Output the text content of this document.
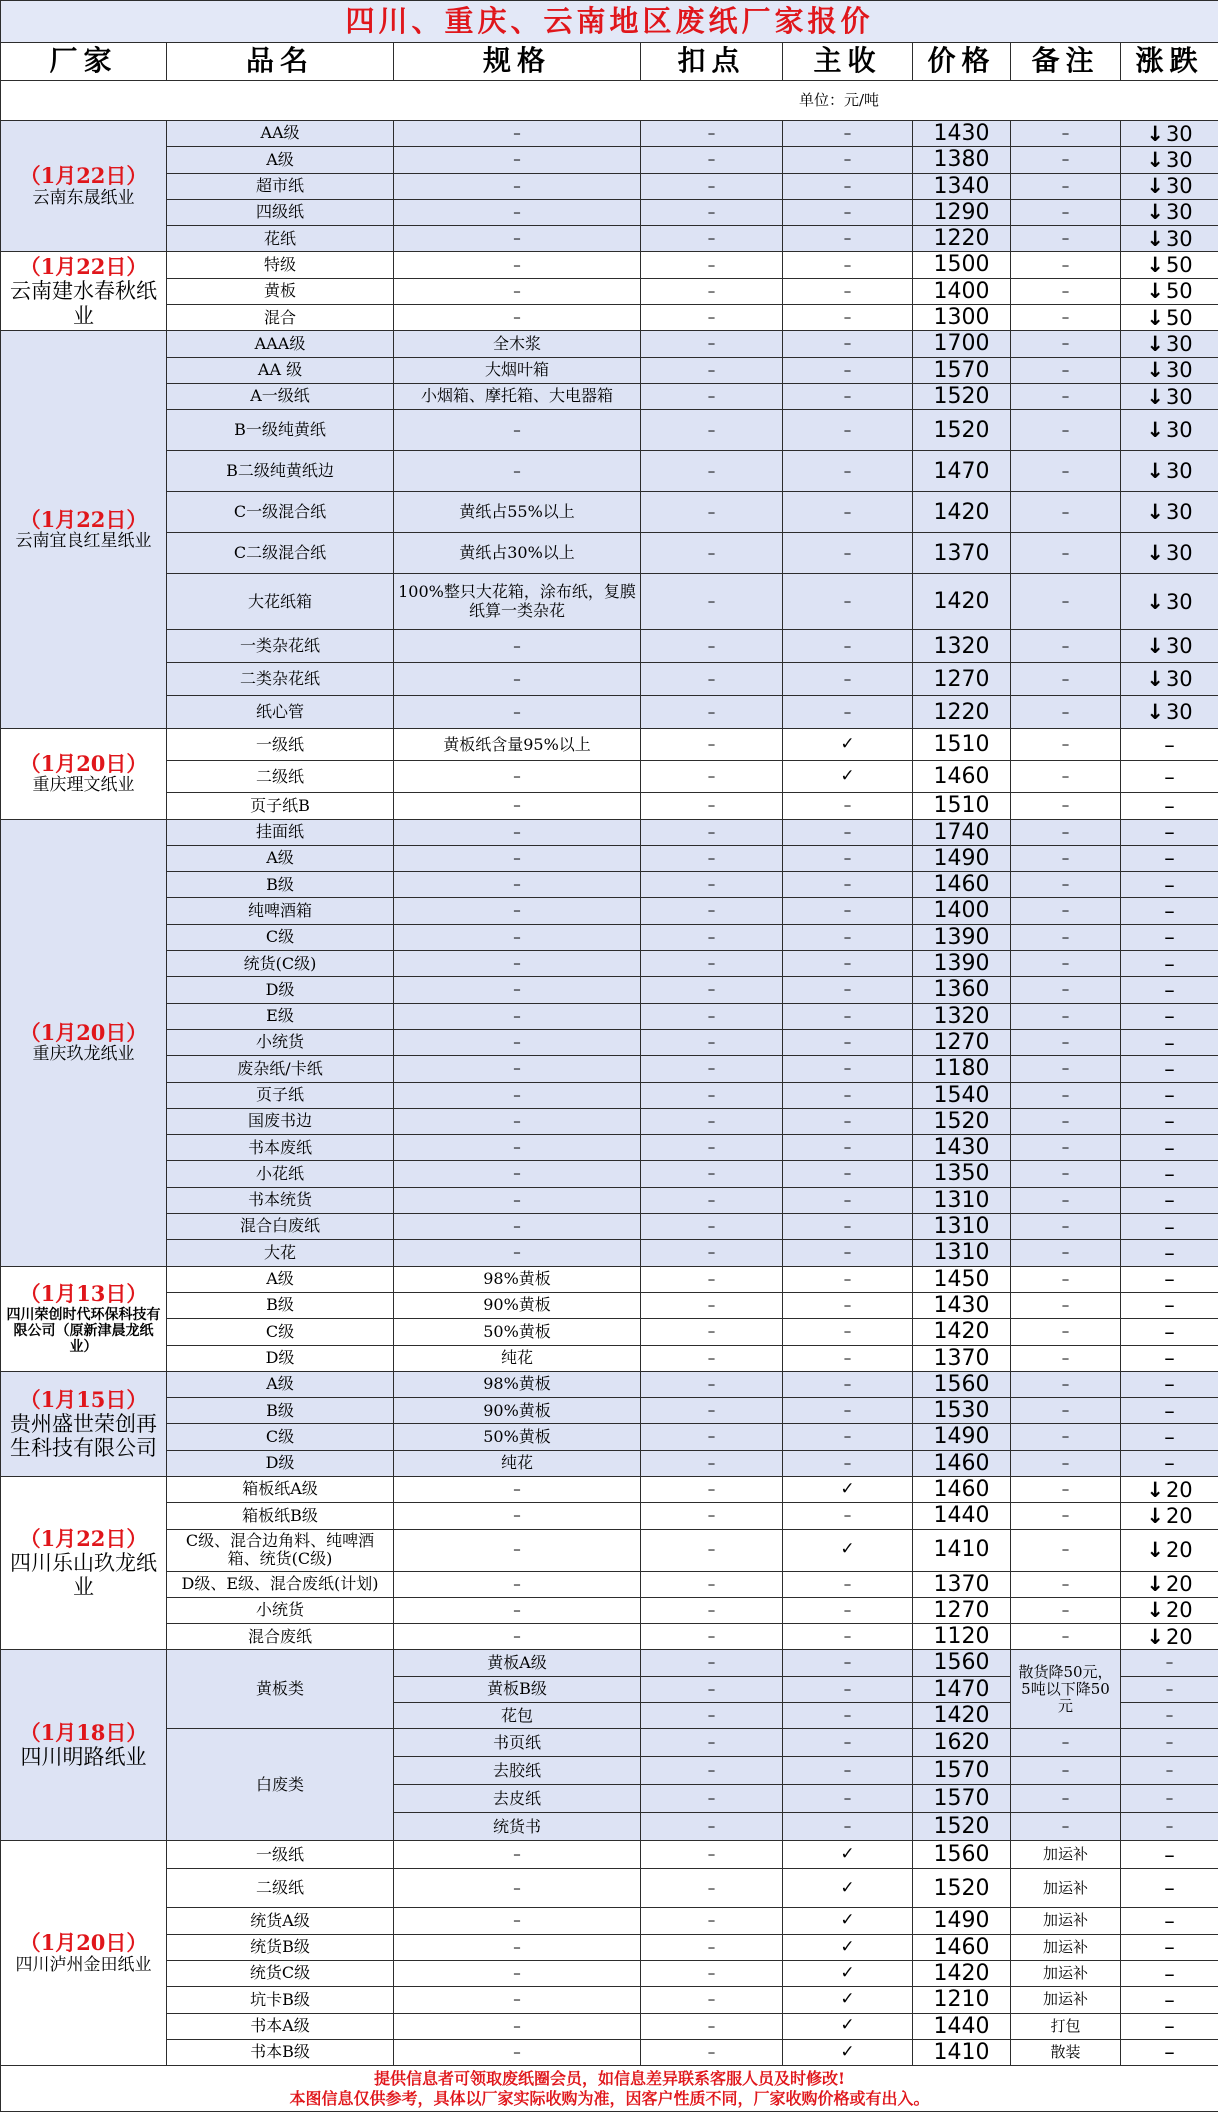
四川、重庆、云南地区废纸厂家报价							
厂家	品名	规格	扣点	主收	价格	备注	涨跌
单位：元/吨							

（1月22日）
云南东晟纸业	AA级	–	–	–	1430	–	↓30
	A级	–	–	–	1380	–	↓30
	超市纸	–	–	–	1340	–	↓30
	四级纸	–	–	–	1290	–	↓30
	花纸	–	–	–	1220	–	↓30

（1月22日）
云南建水春秋纸业	特级	–	–	–	1500	–	↓50
	黄板	–	–	–	1400	–	↓50
	混合	–	–	–	1300	–	↓50

（1月22日）
云南宜良红星纸业	AAA级	全木浆	–	–	1700	–	↓30
	AA 级	大烟叶箱	–	–	1570	–	↓30
	A一级纸	小烟箱、摩托箱、大电器箱	–	–	1520	–	↓30
	B一级纯黄纸	–	–	–	1520	–	↓30
	B二级纯黄纸边	–	–	–	1470	–	↓30
	C一级混合纸	黄纸占55%以上	–	–	1420	–	↓30
	C二级混合纸	黄纸占30%以上	–	–	1370	–	↓30
	大花纸箱	100%整只大花箱，涂布纸，复膜纸算一类杂花	–	–	1420	–	↓30
	一类杂花纸	–	–	–	1320	–	↓30
	二类杂花纸	–	–	–	1270	–	↓30
	纸心管	–	–	–	1220	–	↓30

（1月20日）
重庆理文纸业	一级纸	黄板纸含量95%以上	–	✓	1510	–	–
	二级纸	–	–	✓	1460	–	–
	页子纸B	–	–	–	1510	–	–

（1月20日）
重庆玖龙纸业	挂面纸	–	–	–	1740	–	–
	A级	–	–	–	1490	–	–
	B级	–	–	–	1460	–	–
	纯啤酒箱	–	–	–	1400	–	–
	C级	–	–	–	1390	–	–
	统货(C级)	–	–	–	1390	–	–
	D级	–	–	–	1360	–	–
	E级	–	–	–	1320	–	–
	小统货	–	–	–	1270	–	–
	废杂纸/卡纸	–	–	–	1180	–	–
	页子纸	–	–	–	1540	–	–
	国废书边	–	–	–	1520	–	–
	书本废纸	–	–	–	1430	–	–
	小花纸	–	–	–	1350	–	–
	书本统货	–	–	–	1310	–	–
	混合白废纸	–	–	–	1310	–	–
	大花	–	–	–	1310	–	–

（1月13日）
四川荣创时代环保科技有限公司（原新津晨龙纸业）	A级	98%黄板	–	–	1450	–	–
	B级	90%黄板	–	–	1430	–	–
	C级	50%黄板	–	–	1420	–	–
	D级	纯花	–	–	1370	–	–

（1月15日）
贵州盛世荣创再生科技有限公司	A级	98%黄板	–	–	1560	–	–
	B级	90%黄板	–	–	1530	–	–
	C级	50%黄板	–	–	1490	–	–
	D级	纯花	–	–	1460	–	–

（1月22日）
四川乐山玖龙纸业	箱板纸A级	–	–	✓	1460	–	↓20
	箱板纸B级	–	–	–	1440	–	↓20
	C级、混合边角料、纯啤酒箱、统货(C级)	–	–	✓	1410	–	↓20
	D级、E级、混合废纸(计划)	–	–	–	1370	–	↓20
	小统货	–	–	–	1270	–	↓20
	混合废纸	–	–	–	1120	–	↓20

（1月18日）
四川明路纸业	黄板类	黄板A级	–	–	1560	散货降50元，5吨以下降50元	–
		黄板B级	–	–	1470		–
		花包	–	–	1420		–
	白废类	书页纸	–	–	1620	–	–
		去胶纸	–	–	1570	–	–
		去皮纸	–	–	1570	–	–
		统货书	–	–	1520	–	–

（1月20日）
四川泸州金田纸业	一级纸	–	–	✓	1560	加运补	–
	二级纸	–	–	✓	1520	加运补	–
	统货A级	–	–	✓	1490	加运补	–
	统货B级	–	–	✓	1460	加运补	–
	统货C级	–	–	✓	1420	加运补	–
	坑卡B级	–	–	✓	1210	加运补	–
	书本A级	–	–	✓	1440	打包	–
	书本B级	–	–	✓	1410	散装	–

提供信息者可领取废纸圈会员，如信息差异联系客服人员及时修改!
本图信息仅供参考，具体以厂家实际收购为准，因客户性质不同，厂家收购价格或有出入。							
